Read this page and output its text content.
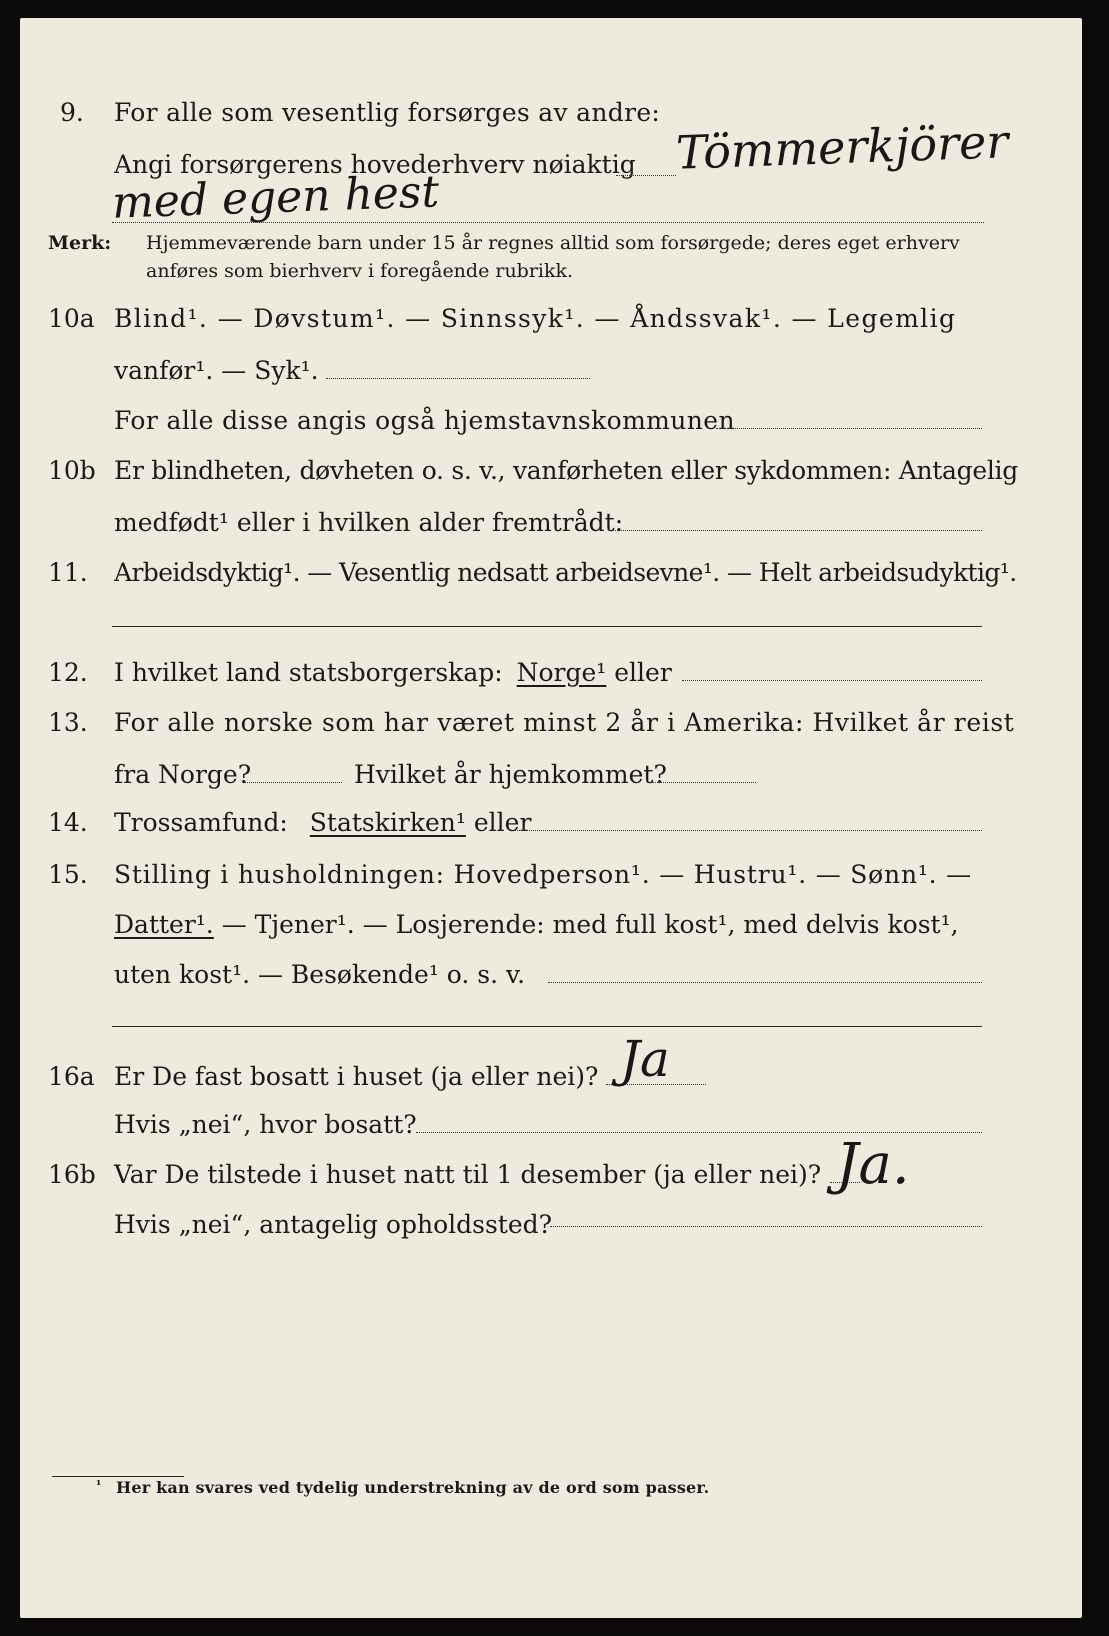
9. For alle som vesentlig forsørges av andre:
Angi forsørgerens hovederhverv nøiaktig Tömmerkjörer
med egen hest
Merk: Hjemmeværende barn under 15 år regnes alltid som forsørgede; deres eget erhverv
anføres som bierhverv i foregående rubrikk.
10a Blind¹. — Døvstum¹. — Sinnssyk¹. — Åndssvak¹. — Legemlig
vanfør¹. — Syk¹.
For alle disse angis også hjemstavnskommunen
10b Er blindheten, døvheten o. s. v., vanførheten eller sykdommen: Antagelig
medfødt¹ eller i hvilken alder fremtrådt:
11. Arbeidsdyktig¹. — Vesentlig nedsatt arbeidsevne¹. — Helt arbeidsudyktig¹.
12. I hvilket land statsborgerskap: Norge¹ eller
13. For alle norske som har været minst 2 år i Amerika: Hvilket år reist
fra Norge?	Hvilket år hjemkommet?
14. Trossamfund: Statskirken¹ eller
15. Stilling i husholdningen: Hovedperson¹. — Hustru¹. — Sønn¹. —
Datter¹. — Tjener¹. — Losjerende: med full kost¹, med delvis kost¹,
uten kost¹. — Besøkende¹ o. s. v.
16a Er De fast bosatt i huset (ja eller nei)? Ja
Hvis „nei“, hvor bosatt?
16b Var De tilstede i huset natt til 1 desember (ja eller nei)? Ja.
Hvis „nei“, antagelig opholdssted?
¹ Her kan svares ved tydelig understrekning av de ord som passer.
